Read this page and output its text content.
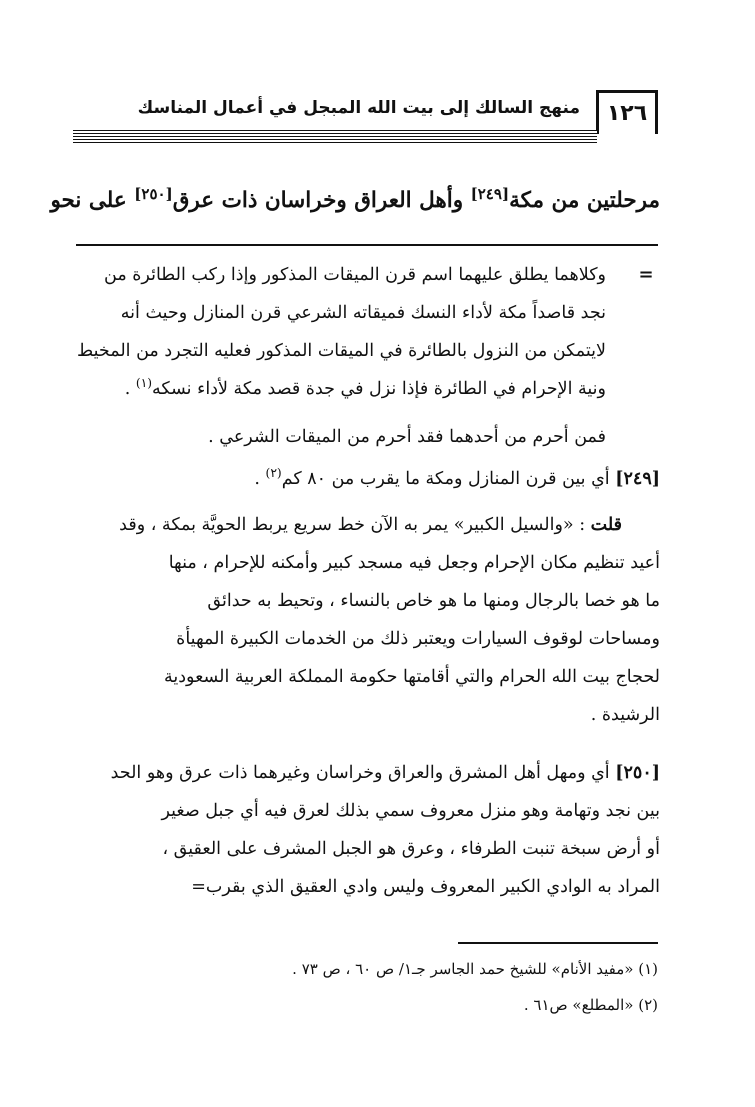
منهج السالك إلى بيت الله المبجل في أعمال المناسك	١٢٦
مرحلتين من مكة[٢٤٩] وأهل العراق وخراسان ذات عرق[٢٥٠] على نحو
=

وكلاهما يطلق عليهما اسم قرن الميقات المذكور وإذا ركب الطائرة من

نجد قاصداً مكة لأداء النسك فميقاته الشرعي قرن المنازل وحيث أنه

لايتمكن من النزول بالطائرة في الميقات المذكور فعليه التجرد من المخيط

ونية الإحرام في الطائرة فإذا نزل في جدة قصد مكة لأداء نسكه$^{(١)}$ .

فمن أحرم من أحدهما فقد أحرم من الميقات الشرعي .

[٢٤٩] أي بين قرن المنازل ومكة ما يقرب من ٨٠ كم$^{(٢)}$ .

قلت : «والسيل الكبير» يمر به الآن خط سريع يربط الحويَّة بمكة ، وقد

أعيد تنظيم مكان الإحرام وجعل فيه مسجد كبير وأمكنه للإحرام ، منها

ما هو خصا بالرجال ومنها ما هو خاص بالنساء ، وتحيط به حدائق

ومساحات لوقوف السيارات ويعتبر ذلك من الخدمات الكبيرة المهيأة

لحجاج بيت الله الحرام والتي أقامتها حكومة المملكة العربية السعودية

الرشيدة .

[٢٥٠] أي ومهل أهل المشرق والعراق وخراسان وغيرهما ذات عرق وهو الحد

بين نجد وتهامة وهو منزل معروف سمي بذلك لعرق فيه أي جبل صغير

أو أرض سبخة تنبت الطرفاء ، وعرق هو الجبل المشرف على العقيق ،

المراد به الوادي الكبير المعروف وليس وادي العقيق الذي بقرب=

(١) «مفيد الأنام» للشيخ حمد الجاسر جـ١/ ص ٦٠ ، ص ٧٣ .
(٢) «المطلع» ص٦١ .
